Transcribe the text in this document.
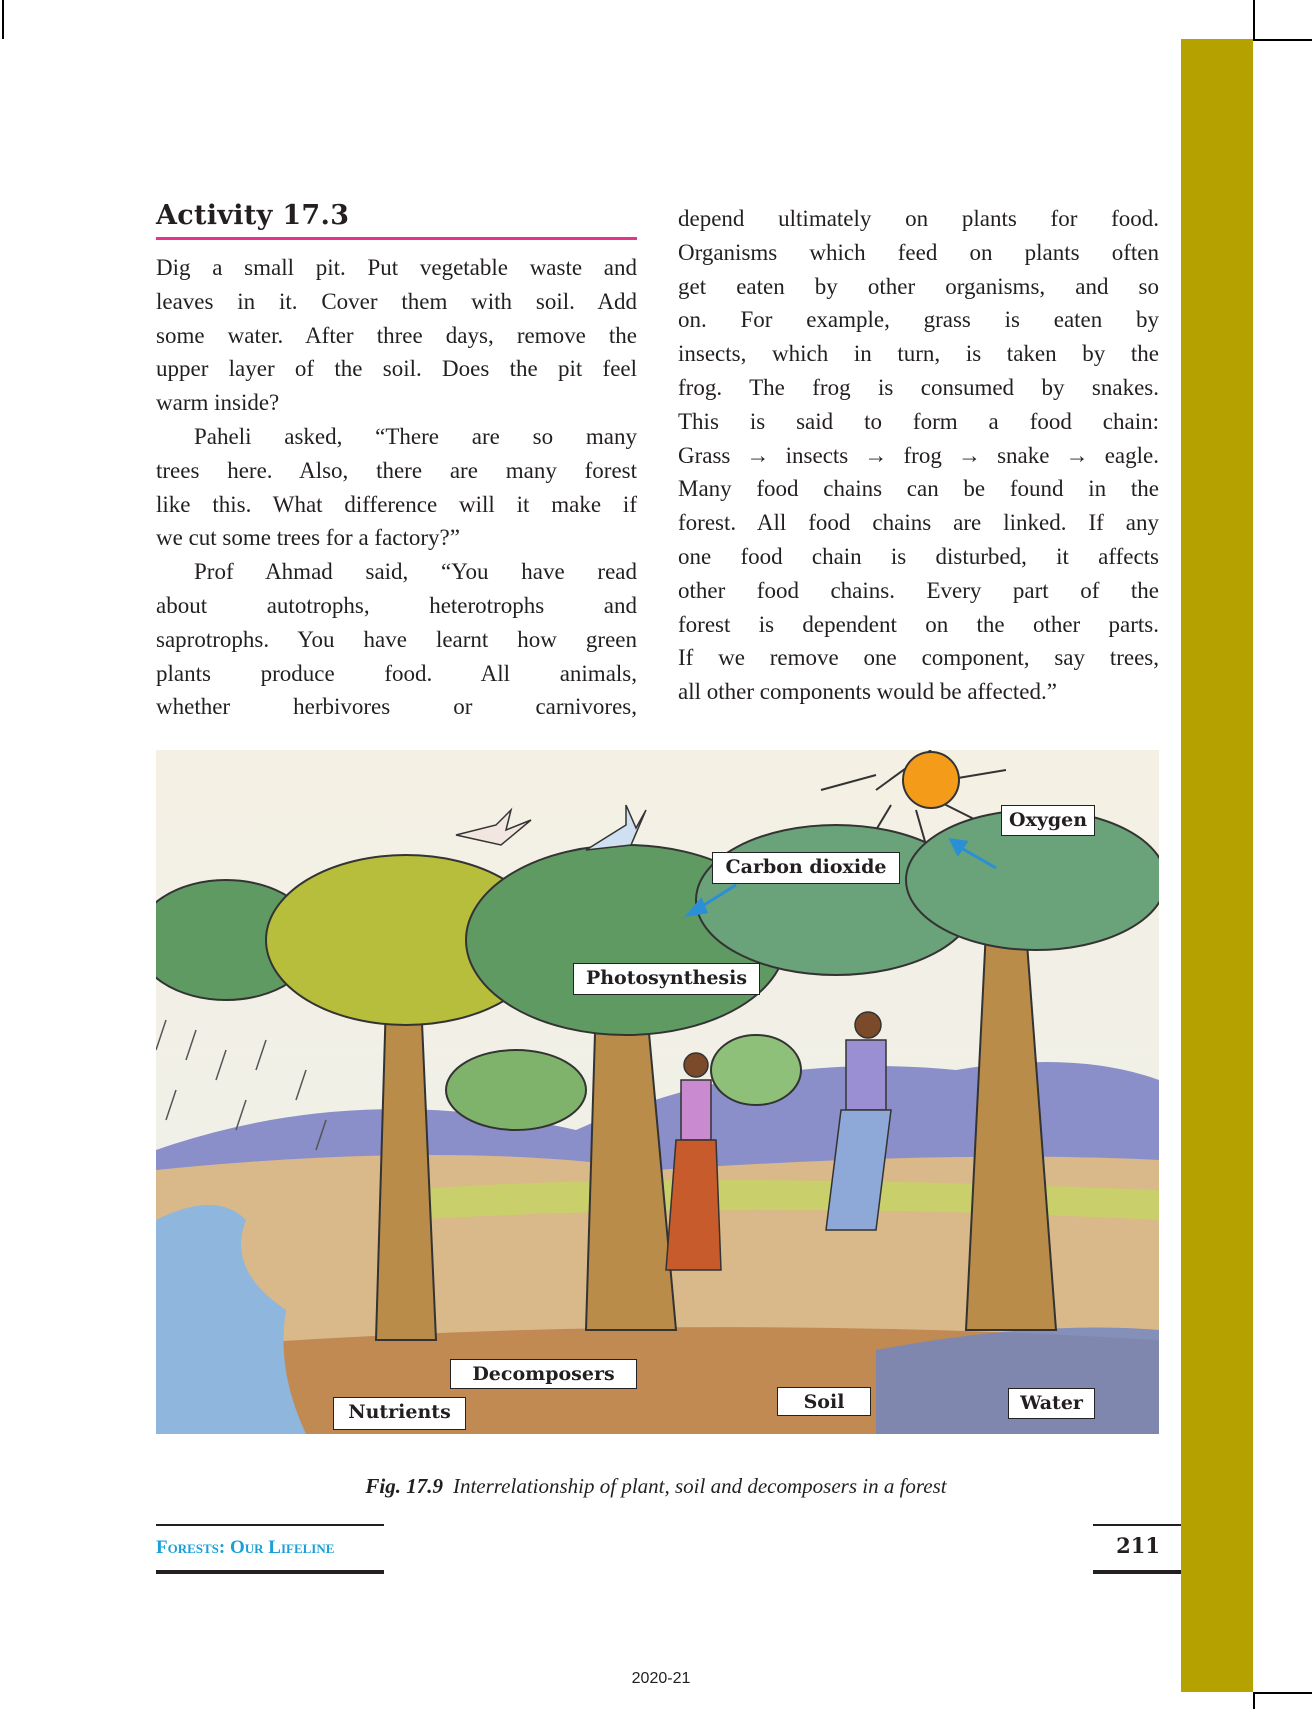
Activity 17.3
Dig a small pit. Put vegetable waste and
leaves in it. Cover them with soil. Add
some water. After three days, remove the
upper layer of the soil. Does the pit feel
warm inside?
Paheli asked, “There are so many
trees here. Also, there are many forest
like this. What difference will it make if
we cut some trees for a factory?”
Prof Ahmad said, “You have read
about autotrophs, heterotrophs and
saprotrophs. You have learnt how green
plants produce food. All animals,
whether herbivores or carnivores,
depend ultimately on plants for food.
Organisms which feed on plants often
get eaten by other organisms, and so
on. For example, grass is eaten by
insects, which in turn, is taken by the
frog. The frog is consumed by snakes.
This is said to form a food chain:
Grass → insects → frog → snake → eagle.
Many food chains can be found in the
forest. All food chains are linked. If any
one food chain is disturbed, it affects
other food chains. Every part of the
forest is dependent on the other parts.
If we remove one component, say trees,
all other components would be affected.”
Oxygen
Carbon dioxide
Photosynthesis
Decomposers
Nutrients	Soil	Water
Fig. 17.9 Interrelationship of plant, soil and decomposers in a forest
Forests: Our Lifeline	211
2020-21
